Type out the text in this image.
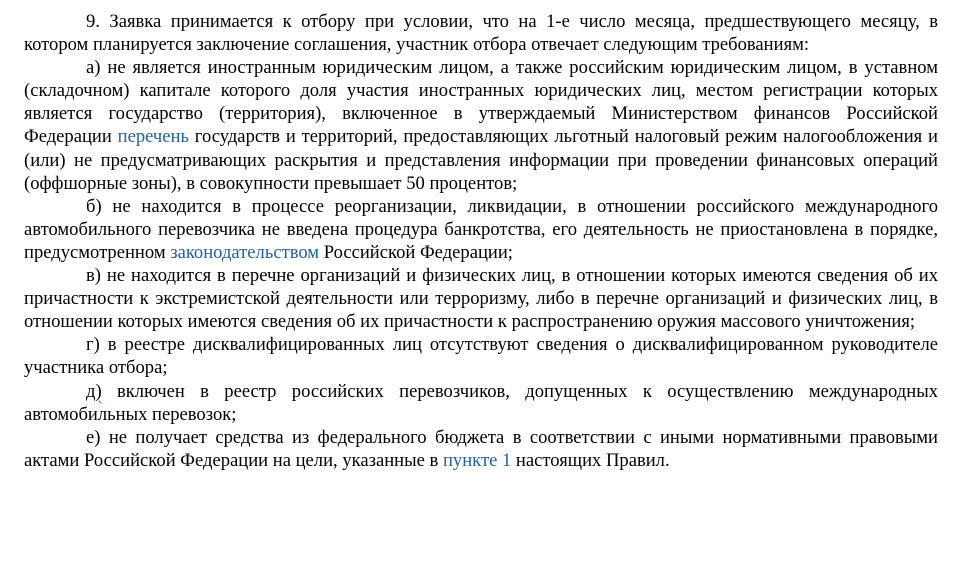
9. Заявка принимается к отбору при условии, что на 1-е число месяца, предшествующего месяцу, в котором планируется заключение соглашения, участник отбора отвечает следующим требованиям:

а) не является иностранным юридическим лицом, а также российским юридическим лицом, в уставном (складочном) капитале которого доля участия иностранных юридических лиц, местом регистрации которых является государство (территория), включенное в утверждаемый Министерством финансов Российской Федерации перечень государств и территорий, предоставляющих льготный налоговый режим налогообложения и (или) не предусматривающих раскрытия и представления информации при проведении финансовых операций (оффшорные зоны), в совокупности превышает 50 процентов;

б) не находится в процессе реорганизации, ликвидации, в отношении российского международного автомобильного перевозчика не введена процедура банкротства, его деятельность не приостановлена в порядке, предусмотренном законодательством Российской Федерации;

в) не находится в перечне организаций и физических лиц, в отношении которых имеются сведения об их причастности к экстремистской деятельности или терроризму, либо в перечне организаций и физических лиц, в отношении которых имеются сведения об их причастности к распространению оружия массового уничтожения;

г) в реестре дисквалифицированных лиц отсутствуют сведения о дисквалифицированном руководителе участника отбора;

д) включен в реестр российских перевозчиков, допущенных к осуществлению международных автомобильных перевозок;

е) не получает средства из федерального бюджета в соответствии с иными нормативными правовыми актами Российской Федерации на цели, указанные в пункте 1 настоящих Правил.
